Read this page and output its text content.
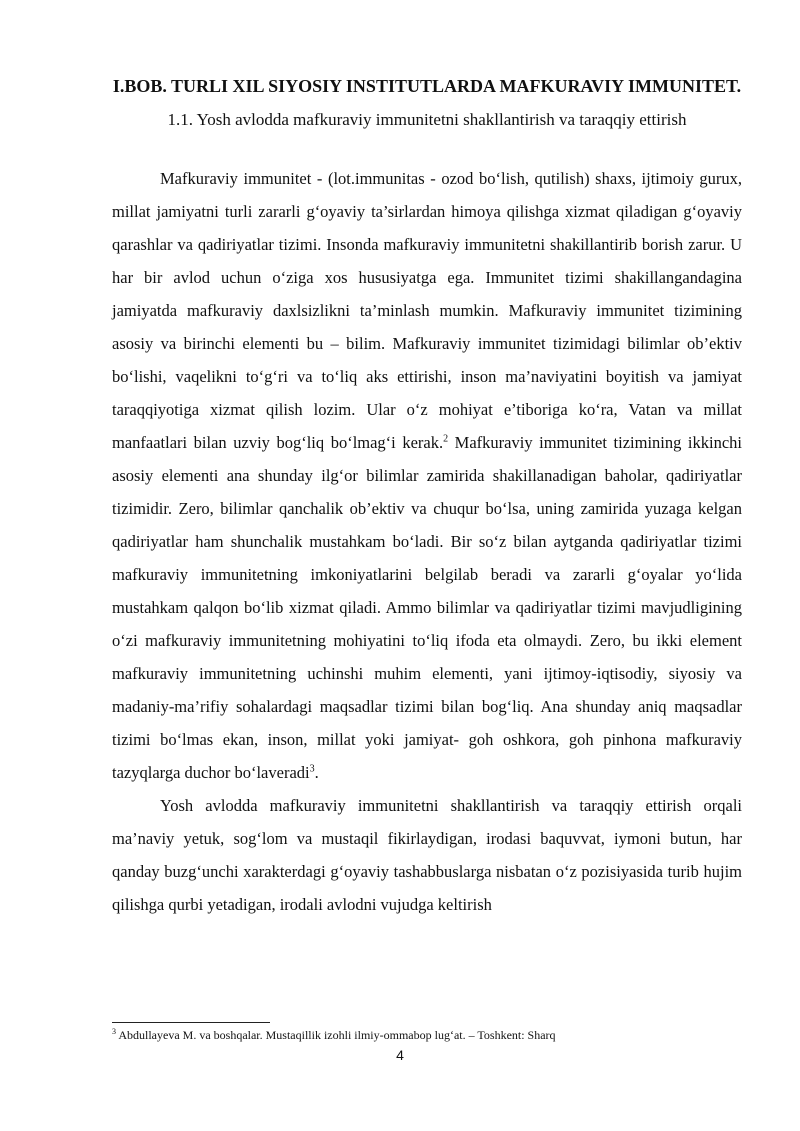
I.BOB. TURLI XIL SIYOSIY INSTITUTLARDA MAFKURAVIY IMMUNITET.
1.1. Yosh avlodda mafkuraviy immunitetni shakllantirish va taraqqiy ettirish

Mafkuraviy immunitet - (lot.immunitas - ozod bo‘lish, qutilish) shaxs, ijtimoiy gurux, millat jamiyatni turli zararli g‘oyaviy ta’sirlardan himoya qilishga xizmat qiladigan g‘oyaviy qarashlar va qadiriyatlar tizimi. Insonda mafkuraviy immunitetni shakillantirib borish zarur. U har bir avlod uchun o‘ziga xos hususiyatga ega. Immunitet tizimi shakillangandagina jamiyatda mafkuraviy daxlsizlikni ta’minlash mumkin. Mafkuraviy immunitet tizimining asosiy va birinchi elementi bu – bilim. Mafkuraviy immunitet tizimidagi bilimlar ob’ektiv bo‘lishi, vaqelikni to‘g‘ri va to‘liq aks ettirishi, inson ma’naviyatini boyitish va jamiyat taraqqiyotiga xizmat qilish lozim. Ular o‘z mohiyat e’tiboriga ko‘ra, Vatan va millat manfaatlari bilan uzviy bog‘liq bo‘lmag‘i kerak.$^2$ Mafkuraviy immunitet tizimining ikkinchi asosiy elementi ana shunday ilg‘or bilimlar zamirida shakillanadigan baholar, qadiriyatlar tizimidir. Zero, bilimlar qanchalik ob’ektiv va chuqur bo‘lsa, uning zamirida yuzaga kelgan qadiriyatlar ham shunchalik mustahkam bo‘ladi. Bir so‘z bilan aytganda qadiriyatlar tizimi mafkuraviy immunitetning imkoniyatlarini belgilab beradi va zararli g‘oyalar yo‘lida mustahkam qalqon bo‘lib xizmat qiladi. Ammo bilimlar va qadiriyatlar tizimi mavjudligining o‘zi mafkuraviy immunitetning mohiyatini to‘liq ifoda eta olmaydi. Zero, bu ikki element mafkuraviy immunitetning uchinshi muhim elementi, yani ijtimoy-iqtisodiy, siyosiy va madaniy-ma’rifiy sohalardagi maqsadlar tizimi bilan bog‘liq. Ana shunday aniq maqsadlar tizimi bo‘lmas ekan, inson, millat yoki jamiyat- goh oshkora, goh pinhona mafkuraviy tazyqlarga duchor bo‘laveradi$^3$.

Yosh avlodda mafkuraviy immunitetni shakllantirish va taraqqiy ettirish orqali ma’naviy yetuk, sog‘lom va mustaqil fikirlaydigan, irodasi baquvvat, iymoni butun, har qanday buzg‘unchi xarakterdagi g‘oyaviy tashabbuslarga nisbatan o‘z pozisiyasida turib hujim qilishga qurbi yetadigan, irodali avlodni vujudga keltirish

$^3$ Abdullayeva M. va boshqalar. Mustaqillik izohli ilmiy-ommabop lug‘at. – Toshkent: Sharq
4
